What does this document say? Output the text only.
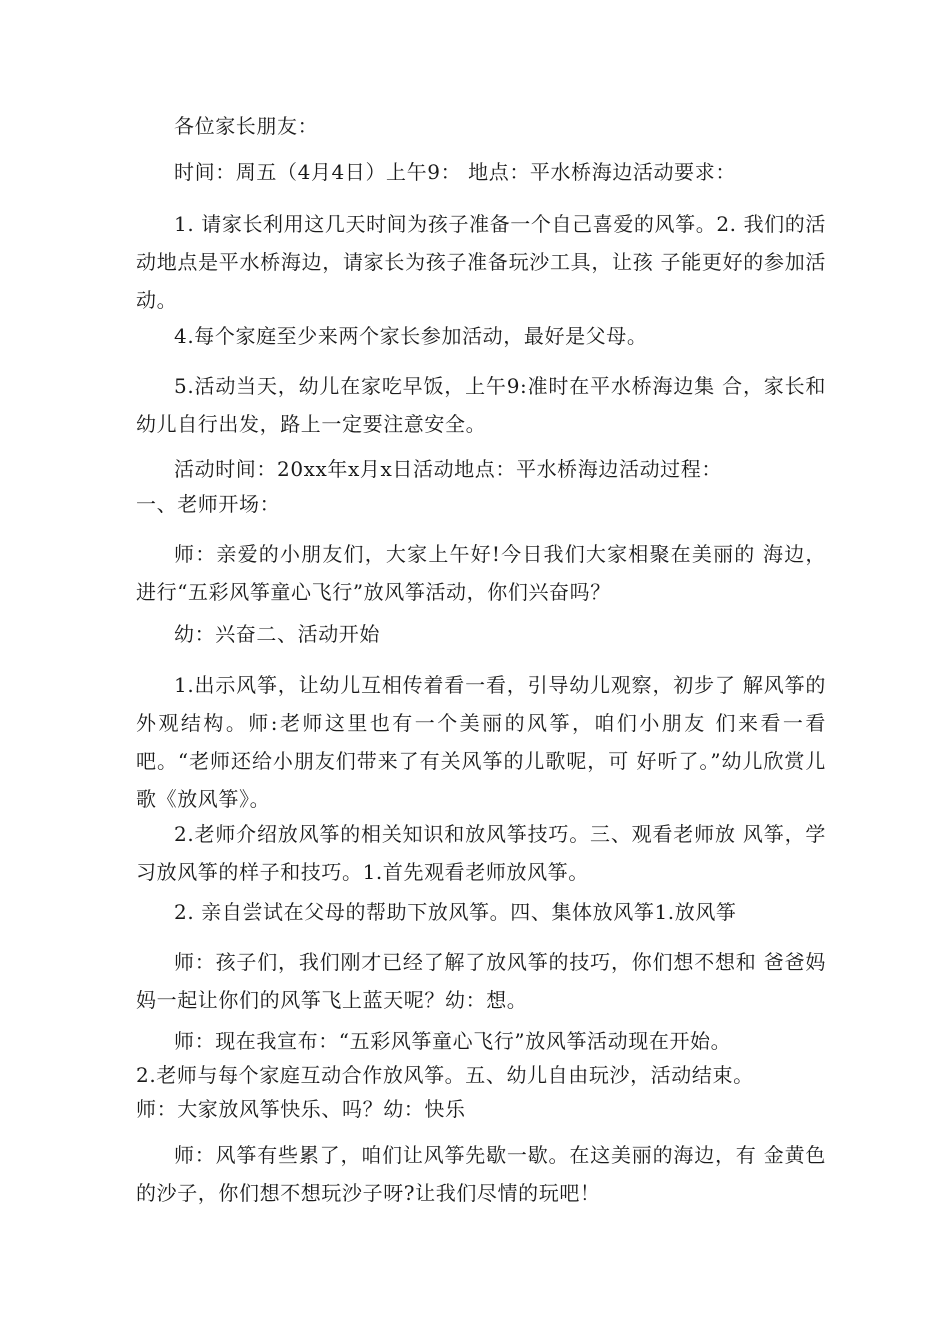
各位家长朋友：
时间：周五（4月4日）上午9： 地点：平水桥海边活动要求：
1. 请家长利用这几天时间为孩子准备一个自己喜爱的风筝。2. 我们的活动地点是平水桥海边，请家长为孩子准备玩沙工具，让孩 子能更好的参加活动。
4.每个家庭至少来两个家长参加活动，最好是父母。
5.活动当天，幼儿在家吃早饭，上午9:准时在平水桥海边集 合，家长和幼儿自行出发，路上一定要注意安全。
活动时间：20xx年x月x日活动地点：平水桥海边活动过程：
一、老师开场：
师：亲爱的小朋友们，大家上午好!今日我们大家相聚在美丽的 海边，进行“五彩风筝童心飞行”放风筝活动，你们兴奋吗？
幼：兴奋二、活动开始
1.出示风筝，让幼儿互相传着看一看，引导幼儿观察，初步了 解风筝的外观结构。师:老师这里也有一个美丽的风筝，咱们小朋友 们来看一看吧。“老师还给小朋友们带来了有关风筝的儿歌呢，可 好听了。”幼儿欣赏儿歌《放风筝》。
2.老师介绍放风筝的相关知识和放风筝技巧。三、观看老师放 风筝，学习放风筝的样子和技巧。1.首先观看老师放风筝。
2. 亲自尝试在父母的帮助下放风筝。四、集体放风筝1.放风筝
师：孩子们，我们刚才已经了解了放风筝的技巧，你们想不想和 爸爸妈妈一起让你们的风筝飞上蓝天呢？幼：想。
师：现在我宣布：“五彩风筝童心飞行”放风筝活动现在开始。
2.老师与每个家庭互动合作放风筝。五、幼儿自由玩沙，活动结束。
师：大家放风筝快乐、吗？幼：快乐
师：风筝有些累了，咱们让风筝先歇一歇。在这美丽的海边，有 金黄色的沙子，你们想不想玩沙子呀?让我们尽情的玩吧！
